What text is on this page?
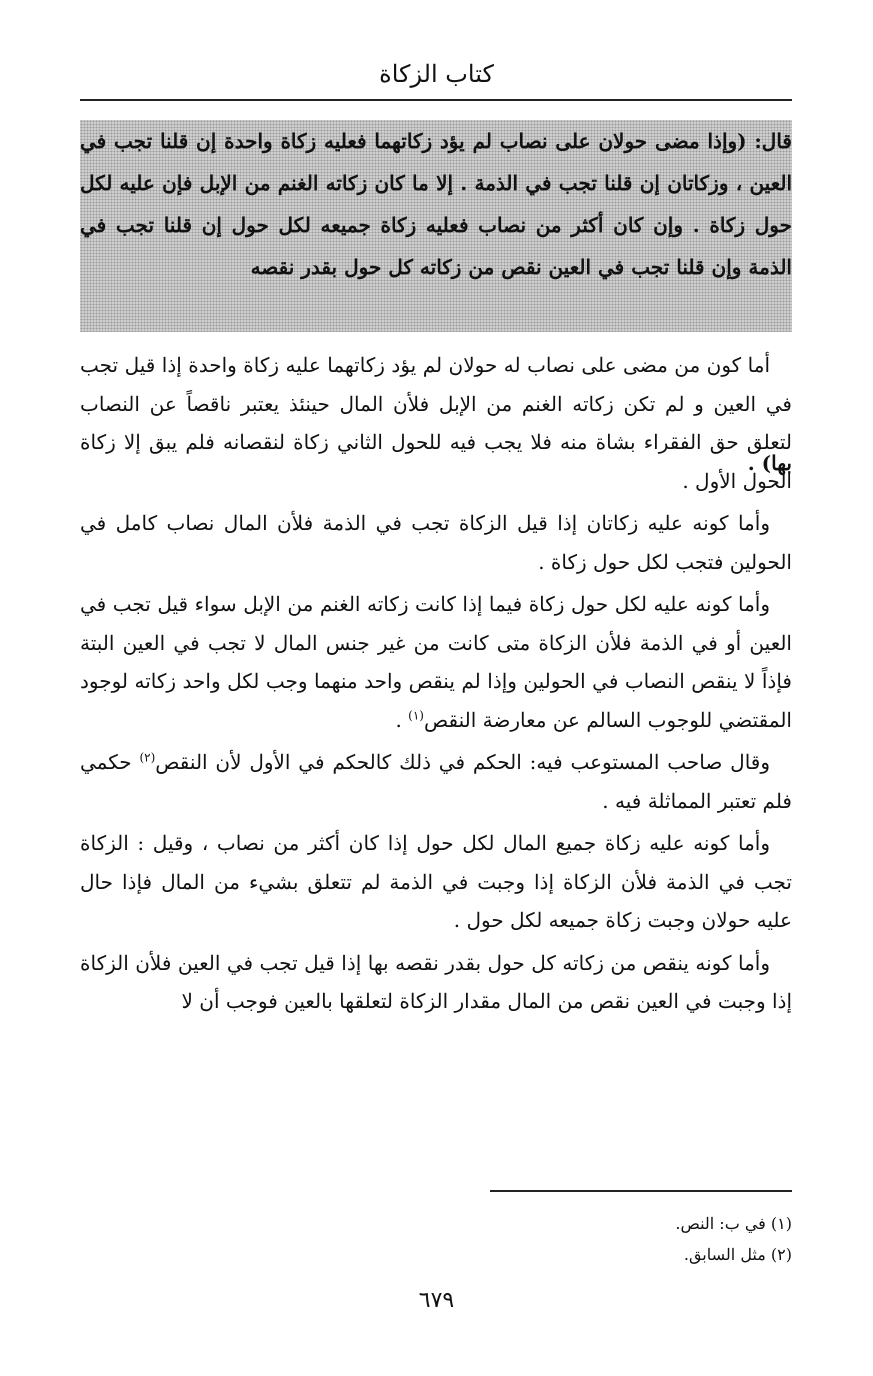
كتاب الزكاة
قال: (وإذا مضى حولان على نصاب لم يؤد زكاتهما فعليه زكاة واحدة إن قلنا تجب في العين ، وزكاتان إن قلنا تجب في الذمة . إلا ما كان زكاته الغنم من الإبل فإن عليه لكل حول زكاة . وإن كان أكثر من نصاب فعليه زكاة جميعه لكل حول إن قلنا تجب في الذمة وإن قلنا تجب في العين نقص من زكاته كل حول بقدر نقصه
بها) .

أما كون من مضى على نصاب له حولان لم يؤد زكاتهما عليه زكاة واحدة إذا قيل تجب في العين و لم تكن زكاته الغنم من الإبل فلأن المال حينئذ يعتبر ناقصاً عن النصاب لتعلق حق الفقراء بشاة منه فلا يجب فيه للحول الثاني زكاة لنقصانه فلم يبق إلا زكاة الحول الأول .

وأما كونه عليه زكاتان إذا قيل الزكاة تجب في الذمة فلأن المال نصاب كامل في الحولين فتجب لكل حول زكاة .

وأما كونه عليه لكل حول زكاة فيما إذا كانت زكاته الغنم من الإبل سواء قيل تجب في العين أو في الذمة فلأن الزكاة متى كانت من غير جنس المال لا تجب في العين البتة فإذاً لا ينقص النصاب في الحولين وإذا لم ينقص واحد منهما وجب لكل واحد زكاته لوجود المقتضي للوجوب السالم عن معارضة النقص$^{(١)}$ .

وقال صاحب المستوعب فيه: الحكم في ذلك كالحكم في الأول لأن النقص$^{(٢)}$ حكمي فلم تعتبر المماثلة فيه .

وأما كونه عليه زكاة جميع المال لكل حول إذا كان أكثر من نصاب ، وقيل : الزكاة تجب في الذمة فلأن الزكاة إذا وجبت في الذمة لم تتعلق بشيء من المال فإذا حال عليه حولان وجبت زكاة جميعه لكل حول .

وأما كونه ينقص من زكاته كل حول بقدر نقصه بها إذا قيل تجب في العين فلأن الزكاة إذا وجبت في العين نقص من المال مقدار الزكاة لتعلقها بالعين فوجب أن لا

(١) في ب: النص.
(٢) مثل السابق.
٦٧٩
